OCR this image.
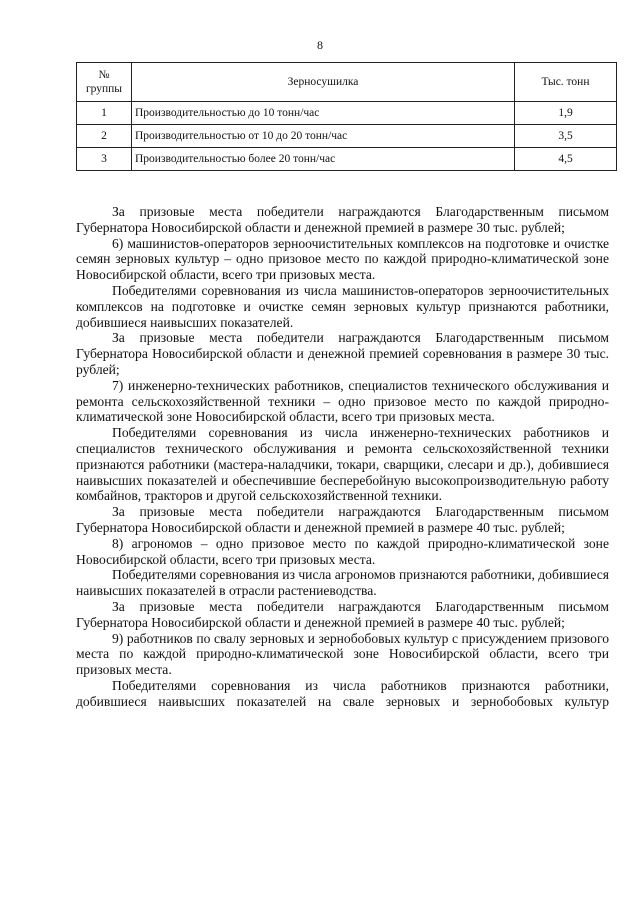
8
№
группы	Зерносушилка	Тыс. тонн
1	Производительностью до 10 тонн/час	1,9
2	Производительностью от 10 до 20 тонн/час	3,5
3	Производительностью более 20 тонн/час	4,5

За призовые места победители награждаются Благодарственным письмом Губернатора Новосибирской области и денежной премией в размере 30 тыс. рублей;

6) машинистов-операторов зерноочистительных комплексов на подготовке и очистке семян зерновых культур – одно призовое место по каждой природно-климатической зоне Новосибирской области, всего три призовых места.

Победителями соревнования из числа машинистов-операторов зерноочистительных комплексов на подготовке и очистке семян зерновых культур признаются работники, добившиеся наивысших показателей.

За призовые места победители награждаются Благодарственным письмом Губернатора Новосибирской области и денежной премией соревнования в размере 30 тыс. рублей;

7) инженерно-технических работников, специалистов технического обслуживания и ремонта сельскохозяйственной техники – одно призовое место по каждой природно-климатической зоне Новосибирской области, всего три призовых места.

Победителями соревнования из числа инженерно-технических работников и специалистов технического обслуживания и ремонта сельскохозяйственной техники признаются работники (мастера-наладчики, токари, сварщики, слесари и др.), добившиеся наивысших показателей и обеспечившие бесперебойную высокопроизводительную работу комбайнов, тракторов и другой сельскохозяйственной техники.

За призовые места победители награждаются Благодарственным письмом Губернатора Новосибирской области и денежной премией в размере 40 тыс. рублей;

8) агрономов – одно призовое место по каждой природно-климатической зоне Новосибирской области, всего три призовых места.

Победителями соревнования из числа агрономов признаются работники, добившиеся наивысших показателей в отрасли растениеводства.

За призовые места победители награждаются Благодарственным письмом Губернатора Новосибирской области и денежной премией в размере 40 тыс. рублей;

9) работников по свалу зерновых и зернобобовых культур с присуждением призового места по каждой природно-климатической зоне Новосибирской области, всего три призовых места.

Победителями соревнования из числа работников признаются работники, добившиеся наивысших показателей на свале зерновых и зернобобовых культур
